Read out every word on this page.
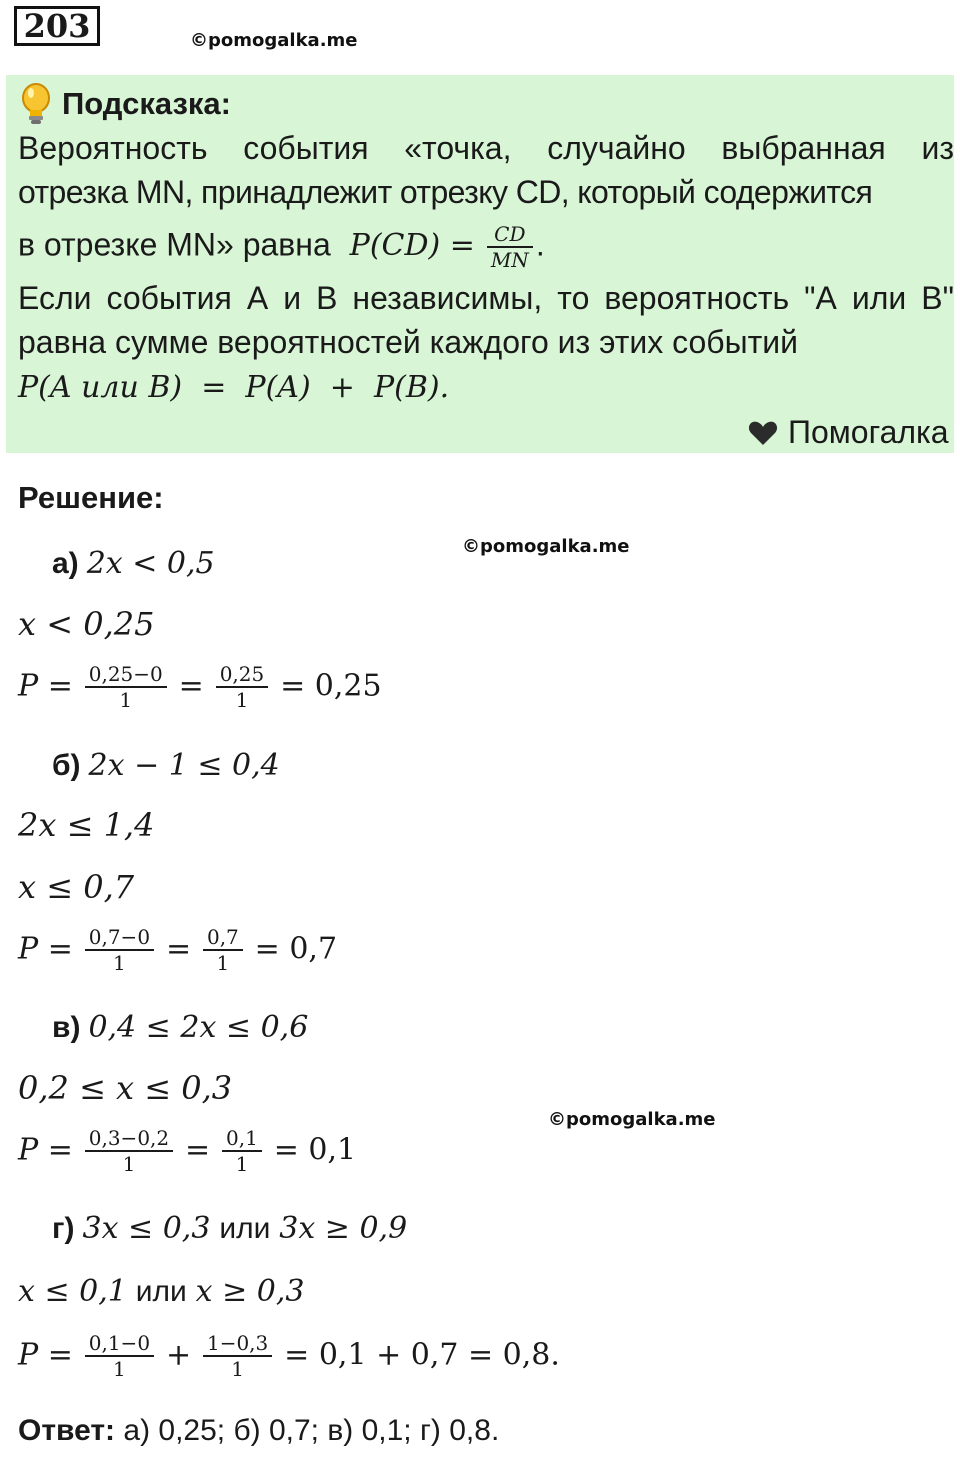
203	©pomogalka.me
Подсказка:
Вероятность события «точка, случайно выбранная из
отрезка MN, принадлежит отрезку CD, который содержится
в отрезке MN» равна $P(CD) = \frac{CD}{MN}$ .
Если события А и В независимы, то вероятность "А или В"
равна сумме вероятностей каждого из этих событий
P(A или B)  =  P(A)  +  P(B).
Помогалка
Решение:
©pomogalka.me
а) 2x < 0,5
x < 0,25
$P = \frac{0,25-0}{1} = \frac{0,25}{1} = 0,25$
б) 2x − 1 ≤ 0,4
2x ≤ 1,4
x ≤ 0,7
$P = \frac{0,7-0}{1} = \frac{0,7}{1} = 0,7$
в) 0,4 ≤ 2x ≤ 0,6
0,2 ≤ x ≤ 0,3
©pomogalka.me
$P = \frac{0,3-0,2}{1} = \frac{0,1}{1} = 0,1$
г) 3x ≤ 0,3 или 3x ≥ 0,9
x ≤ 0,1 или x ≥ 0,3
$P = \frac{0,1-0}{1} + \frac{1-0,3}{1} = 0,1 + 0,7 = 0,8$.
Ответ: а) 0,25; б) 0,7; в) 0,1; г) 0,8.
